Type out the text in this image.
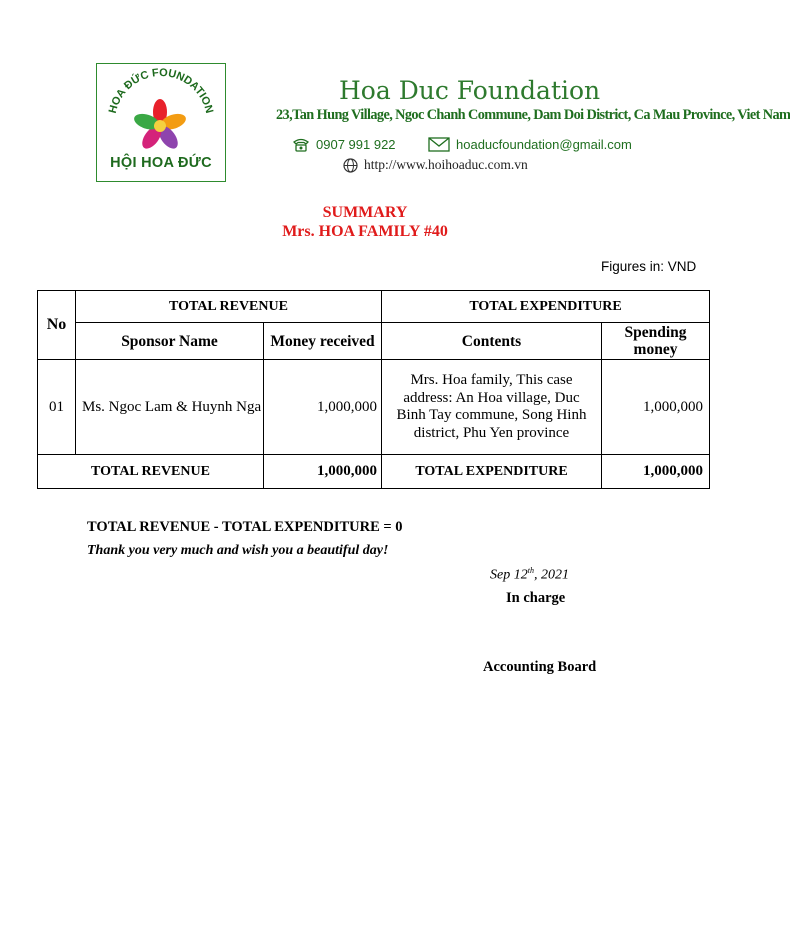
HOA ĐỨC FOUNDATION
HỘI HOA ĐỨC
Hoa Duc Foundation
23,Tan Hung Village, Ngoc Chanh Commune, Dam Doi District, Ca Mau Province, Viet Nam
0907 991 922	hoaducfoundation@gmail.com
http://www.hoihoaduc.com.vn
SUMMARY
Mrs. HOA FAMILY #40
Figures in: VND
No	TOTAL REVENUE		TOTAL EXPENDITURE	
	Sponsor Name	Money received	Contents	Spending money
01	Ms. Ngoc Lam & Huynh Nga	1,000,000	Mrs. Hoa family, This case address: An Hoa village, Duc Binh Tay commune, Song Hinh district, Phu Yen province	1,000,000
TOTAL REVENUE		1,000,000	TOTAL EXPENDITURE	1,000,000
TOTAL REVENUE - TOTAL EXPENDITURE = 0
Thank you very much and wish you a beautiful day!
Sep 12th, 2021
In charge
Accounting Board
